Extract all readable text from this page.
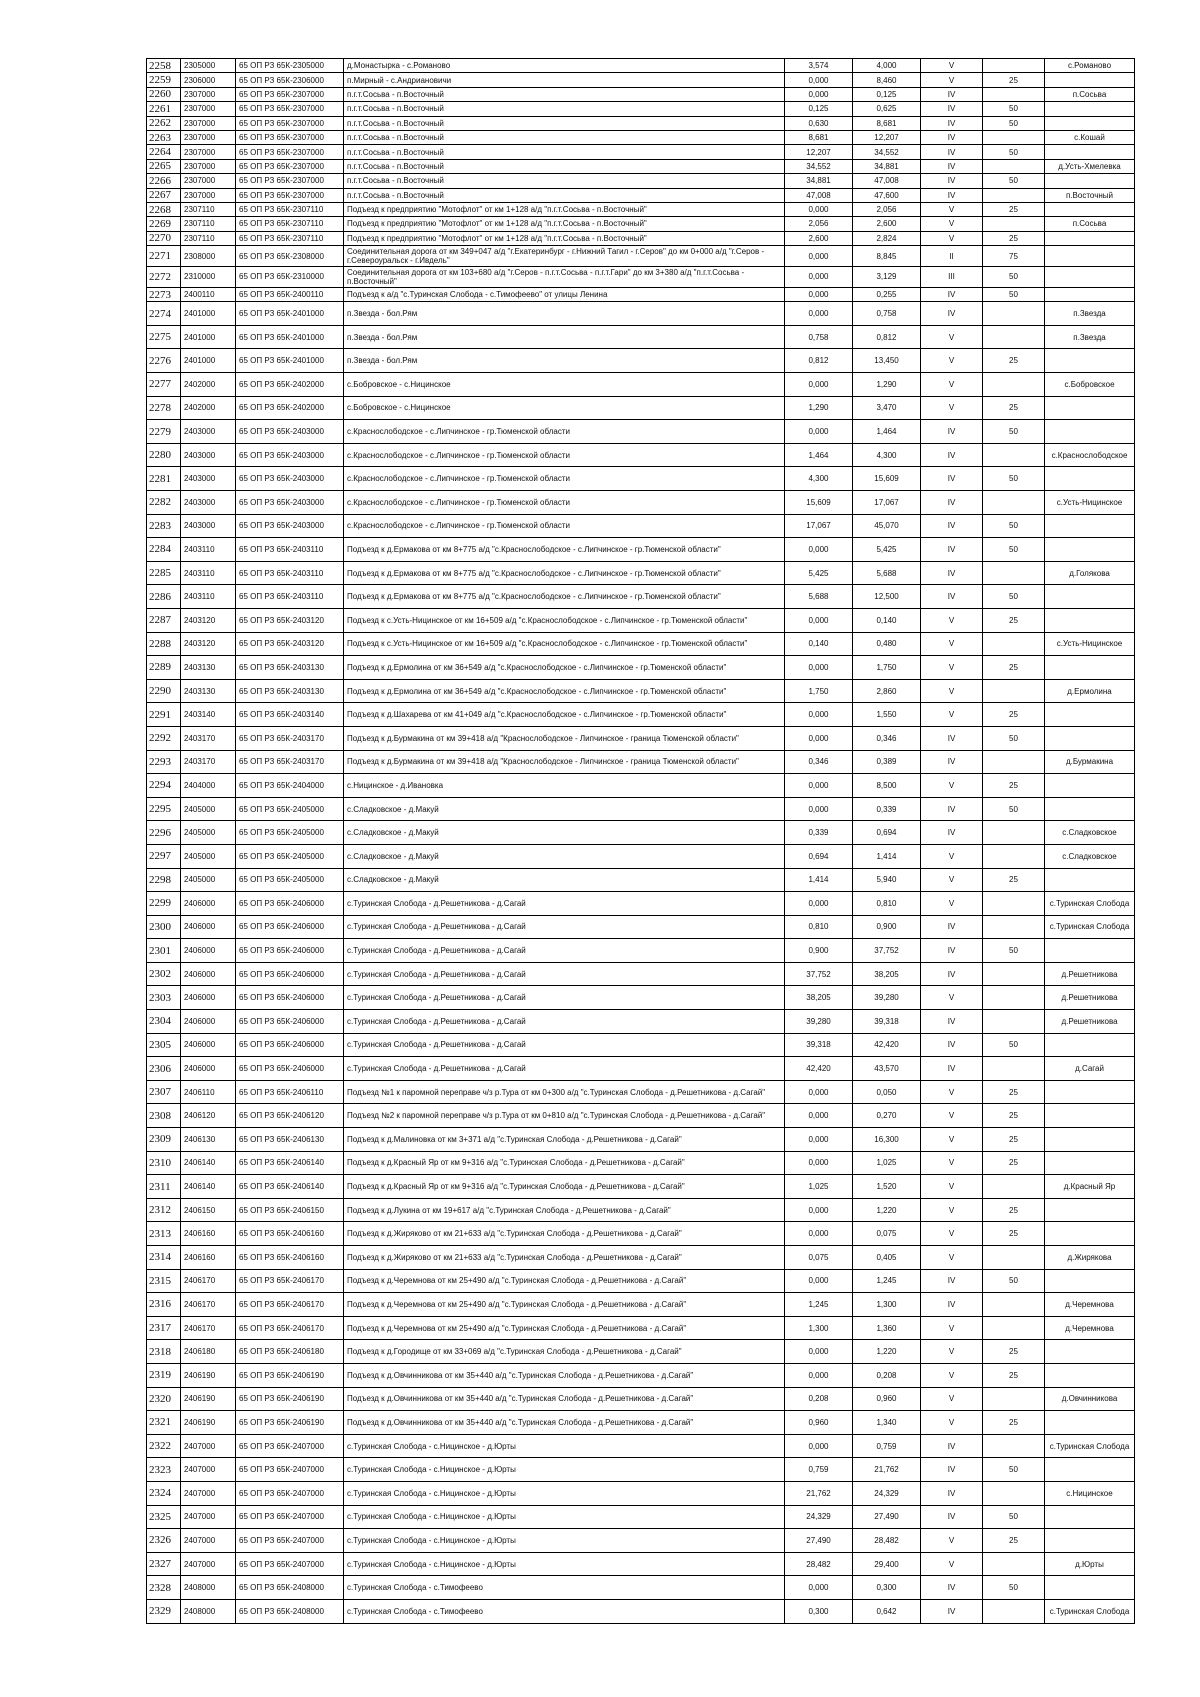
2258	2305000	65 ОП РЗ 65К-2305000	д.Монастырка - с.Романово	3,574	4,000	V		с.Романово
2259	2306000	65 ОП РЗ 65К-2306000	п.Мирный - с.Андриановичи	0,000	8,460	V	25	
2260	2307000	65 ОП РЗ 65К-2307000	п.г.т.Сосьва - п.Восточный	0,000	0,125	IV		п.Сосьва
2261	2307000	65 ОП РЗ 65К-2307000	п.г.т.Сосьва - п.Восточный	0,125	0,625	IV	50	
2262	2307000	65 ОП РЗ 65К-2307000	п.г.т.Сосьва - п.Восточный	0,630	8,681	IV	50	
2263	2307000	65 ОП РЗ 65К-2307000	п.г.т.Сосьва - п.Восточный	8,681	12,207	IV		с.Кошай
2264	2307000	65 ОП РЗ 65К-2307000	п.г.т.Сосьва - п.Восточный	12,207	34,552	IV	50	
2265	2307000	65 ОП РЗ 65К-2307000	п.г.т.Сосьва - п.Восточный	34,552	34,881	IV		д.Усть-Хмелевка
2266	2307000	65 ОП РЗ 65К-2307000	п.г.т.Сосьва - п.Восточный	34,881	47,008	IV	50	
2267	2307000	65 ОП РЗ 65К-2307000	п.г.т.Сосьва - п.Восточный	47,008	47,600	IV		п.Восточный
2268	2307110	65 ОП РЗ 65К-2307110	Подъезд к предприятию "Мотофлот" от км 1+128 а/д "п.г.т.Сосьва - п.Восточный"	0,000	2,056	V	25	
2269	2307110	65 ОП РЗ 65К-2307110	Подъезд к предприятию "Мотофлот" от км 1+128 а/д "п.г.т.Сосьва - п.Восточный"	2,056	2,600	V		п.Сосьва
2270	2307110	65 ОП РЗ 65К-2307110	Подъезд к предприятию "Мотофлот" от км 1+128 а/д "п.г.т.Сосьва - п.Восточный"	2,600	2,824	V	25	
2271	2308000	65 ОП РЗ 65К-2308000	Соединительная дорога от км 349+047 а/д "г.Екатеринбург - г.Нижний Тагил - г.Серов" до км 0+000 а/д "г.Серов - г.Североуральск - г.Ивдель"	0,000	8,845	II	75	
2272	2310000	65 ОП РЗ 65К-2310000	Соединительная дорога от км 103+680 а/д "г.Серов - п.г.т.Сосьва - п.г.т.Гари" до км 3+380 а/д "п.г.т.Сосьва - п.Восточный"	0,000	3,129	III	50	
2273	2400110	65 ОП РЗ 65К-2400110	Подъезд к а/д "с.Туринская Слобода - с.Тимофеево" от улицы Ленина	0,000	0,255	IV	50	
2274	2401000	65 ОП РЗ 65К-2401000	п.Звезда - бол.Рям	0,000	0,758	IV		п.Звезда
2275	2401000	65 ОП РЗ 65К-2401000	п.Звезда - бол.Рям	0,758	0,812	V		п.Звезда
2276	2401000	65 ОП РЗ 65К-2401000	п.Звезда - бол.Рям	0,812	13,450	V	25	
2277	2402000	65 ОП РЗ 65К-2402000	с.Бобровское - с.Ницинское	0,000	1,290	V		с.Бобровское
2278	2402000	65 ОП РЗ 65К-2402000	с.Бобровское - с.Ницинское	1,290	3,470	V	25	
2279	2403000	65 ОП РЗ 65К-2403000	с.Краснослободское - с.Липчинское - гр.Тюменской области	0,000	1,464	IV	50	
2280	2403000	65 ОП РЗ 65К-2403000	с.Краснослободское - с.Липчинское - гр.Тюменской области	1,464	4,300	IV		с.Краснослободское
2281	2403000	65 ОП РЗ 65К-2403000	с.Краснослободское - с.Липчинское - гр.Тюменской области	4,300	15,609	IV	50	
2282	2403000	65 ОП РЗ 65К-2403000	с.Краснослободское - с.Липчинское - гр.Тюменской области	15,609	17,067	IV		с.Усть-Ницинское
2283	2403000	65 ОП РЗ 65К-2403000	с.Краснослободское - с.Липчинское - гр.Тюменской области	17,067	45,070	IV	50	
2284	2403110	65 ОП РЗ 65К-2403110	Подъезд к д.Ермакова от км 8+775 а/д "с.Краснослободское - с.Липчинское - гр.Тюменской области"	0,000	5,425	IV	50	
2285	2403110	65 ОП РЗ 65К-2403110	Подъезд к д.Ермакова от км 8+775 а/д "с.Краснослободское - с.Липчинское - гр.Тюменской области"	5,425	5,688	IV		д.Голякова
2286	2403110	65 ОП РЗ 65К-2403110	Подъезд к д.Ермакова от км 8+775 а/д "с.Краснослободское - с.Липчинское - гр.Тюменской области"	5,688	12,500	IV	50	
2287	2403120	65 ОП РЗ 65К-2403120	Подъезд к с.Усть-Ницинское от км 16+509 а/д "с.Краснослободское - с.Липчинское - гр.Тюменской области"	0,000	0,140	V	25	
2288	2403120	65 ОП РЗ 65К-2403120	Подъезд к с.Усть-Ницинское от км 16+509 а/д "с.Краснослободское - с.Липчинское - гр.Тюменской области"	0,140	0,480	V		с.Усть-Ницинское
2289	2403130	65 ОП РЗ 65К-2403130	Подъезд к д.Ермолина от км 36+549 а/д "с.Краснослободское - с.Липчинское - гр.Тюменской области"	0,000	1,750	V	25	
2290	2403130	65 ОП РЗ 65К-2403130	Подъезд к д.Ермолина от км 36+549 а/д "с.Краснослободское - с.Липчинское - гр.Тюменской области"	1,750	2,860	V		д.Ермолина
2291	2403140	65 ОП РЗ 65К-2403140	Подъезд к д.Шахарева от км 41+049 а/д "с.Краснослободское - с.Липчинское - гр.Тюменской области"	0,000	1,550	V	25	
2292	2403170	65 ОП РЗ 65К-2403170	Подъезд к д.Бурмакина от км 39+418 а/д "Краснослободское - Липчинское - граница Тюменской области"	0,000	0,346	IV	50	
2293	2403170	65 ОП РЗ 65К-2403170	Подъезд к д.Бурмакина от км 39+418 а/д "Краснослободское - Липчинское - граница Тюменской области"	0,346	0,389	IV		д.Бурмакина
2294	2404000	65 ОП РЗ 65К-2404000	с.Ницинское - д.Ивановка	0,000	8,500	V	25	
2295	2405000	65 ОП РЗ 65К-2405000	с.Сладковское - д.Макуй	0,000	0,339	IV	50	
2296	2405000	65 ОП РЗ 65К-2405000	с.Сладковское - д.Макуй	0,339	0,694	IV		с.Сладковское
2297	2405000	65 ОП РЗ 65К-2405000	с.Сладковское - д.Макуй	0,694	1,414	V		с.Сладковское
2298	2405000	65 ОП РЗ 65К-2405000	с.Сладковское - д.Макуй	1,414	5,940	V	25	
2299	2406000	65 ОП РЗ 65К-2406000	с.Туринская Слобода - д.Решетникова - д.Сагай	0,000	0,810	V		с.Туринская Слобода
2300	2406000	65 ОП РЗ 65К-2406000	с.Туринская Слобода - д.Решетникова - д.Сагай	0,810	0,900	IV		с.Туринская Слобода
2301	2406000	65 ОП РЗ 65К-2406000	с.Туринская Слобода - д.Решетникова - д.Сагай	0,900	37,752	IV	50	
2302	2406000	65 ОП РЗ 65К-2406000	с.Туринская Слобода - д.Решетникова - д.Сагай	37,752	38,205	IV		д.Решетникова
2303	2406000	65 ОП РЗ 65К-2406000	с.Туринская Слобода - д.Решетникова - д.Сагай	38,205	39,280	V		д.Решетникова
2304	2406000	65 ОП РЗ 65К-2406000	с.Туринская Слобода - д.Решетникова - д.Сагай	39,280	39,318	IV		д.Решетникова
2305	2406000	65 ОП РЗ 65К-2406000	с.Туринская Слобода - д.Решетникова - д.Сагай	39,318	42,420	IV	50	
2306	2406000	65 ОП РЗ 65К-2406000	с.Туринская Слобода - д.Решетникова - д.Сагай	42,420	43,570	IV		д.Сагай
2307	2406110	65 ОП РЗ 65К-2406110	Подъезд №1 к паромной переправе ч/з р.Тура от км 0+300 а/д "с.Туринская Слобода - д.Решетникова - д.Сагай"	0,000	0,050	V	25	
2308	2406120	65 ОП РЗ 65К-2406120	Подъезд №2 к паромной переправе ч/з р.Тура от км 0+810 а/д "с.Туринская Слобода - д.Решетникова - д.Сагай"	0,000	0,270	V	25	
2309	2406130	65 ОП РЗ 65К-2406130	Подъезд к д.Малиновка от км 3+371 а/д "с.Туринская Слобода - д.Решетникова - д.Сагай"	0,000	16,300	V	25	
2310	2406140	65 ОП РЗ 65К-2406140	Подъезд к д.Красный Яр от км 9+316 а/д "с.Туринская Слобода - д.Решетникова - д.Сагай"	0,000	1,025	V	25	
2311	2406140	65 ОП РЗ 65К-2406140	Подъезд к д.Красный Яр от км 9+316 а/д "с.Туринская Слобода - д.Решетникова - д.Сагай"	1,025	1,520	V		д.Красный Яр
2312	2406150	65 ОП РЗ 65К-2406150	Подъезд к д.Лукина от км 19+617 а/д "с.Туринская Слобода - д.Решетникова - д.Сагай"	0,000	1,220	V	25	
2313	2406160	65 ОП РЗ 65К-2406160	Подъезд к д.Жиряково от км 21+633 а/д "с.Туринская Слобода - д.Решетникова - д.Сагай"	0,000	0,075	V	25	
2314	2406160	65 ОП РЗ 65К-2406160	Подъезд к д.Жиряково от км 21+633 а/д "с.Туринская Слобода - д.Решетникова - д.Сагай"	0,075	0,405	V		д.Жирякова
2315	2406170	65 ОП РЗ 65К-2406170	Подъезд к д.Черемнова от км 25+490 а/д "с.Туринская Слобода - д.Решетникова - д.Сагай"	0,000	1,245	IV	50	
2316	2406170	65 ОП РЗ 65К-2406170	Подъезд к д.Черемнова от км 25+490 а/д "с.Туринская Слобода - д.Решетникова - д.Сагай"	1,245	1,300	IV		д.Черемнова
2317	2406170	65 ОП РЗ 65К-2406170	Подъезд к д.Черемнова от км 25+490 а/д "с.Туринская Слобода - д.Решетникова - д.Сагай"	1,300	1,360	V		д.Черемнова
2318	2406180	65 ОП РЗ 65К-2406180	Подъезд к д.Городище от км 33+069 а/д "с.Туринская Слобода - д.Решетникова - д.Сагай"	0,000	1,220	V	25	
2319	2406190	65 ОП РЗ 65К-2406190	Подъезд к д.Овчинникова от км 35+440 а/д "с.Туринская Слобода - д.Решетникова - д.Сагай"	0,000	0,208	V	25	
2320	2406190	65 ОП РЗ 65К-2406190	Подъезд к д.Овчинникова от км 35+440 а/д "с.Туринская Слобода - д.Решетникова - д.Сагай"	0,208	0,960	V		д.Овчинникова
2321	2406190	65 ОП РЗ 65К-2406190	Подъезд к д.Овчинникова от км 35+440 а/д "с.Туринская Слобода - д.Решетникова - д.Сагай"	0,960	1,340	V	25	
2322	2407000	65 ОП РЗ 65К-2407000	с.Туринская Слобода - с.Ницинское - д.Юрты	0,000	0,759	IV		с.Туринская Слобода
2323	2407000	65 ОП РЗ 65К-2407000	с.Туринская Слобода - с.Ницинское - д.Юрты	0,759	21,762	IV	50	
2324	2407000	65 ОП РЗ 65К-2407000	с.Туринская Слобода - с.Ницинское - д.Юрты	21,762	24,329	IV		с.Ницинское
2325	2407000	65 ОП РЗ 65К-2407000	с.Туринская Слобода - с.Ницинское - д.Юрты	24,329	27,490	IV	50	
2326	2407000	65 ОП РЗ 65К-2407000	с.Туринская Слобода - с.Ницинское - д.Юрты	27,490	28,482	V	25	
2327	2407000	65 ОП РЗ 65К-2407000	с.Туринская Слобода - с.Ницинское - д.Юрты	28,482	29,400	V		д.Юрты
2328	2408000	65 ОП РЗ 65К-2408000	с.Туринская Слобода - с.Тимофеево	0,000	0,300	IV	50	
2329	2408000	65 ОП РЗ 65К-2408000	с.Туринская Слобода - с.Тимофеево	0,300	0,642	IV		с.Туринская Слобода
